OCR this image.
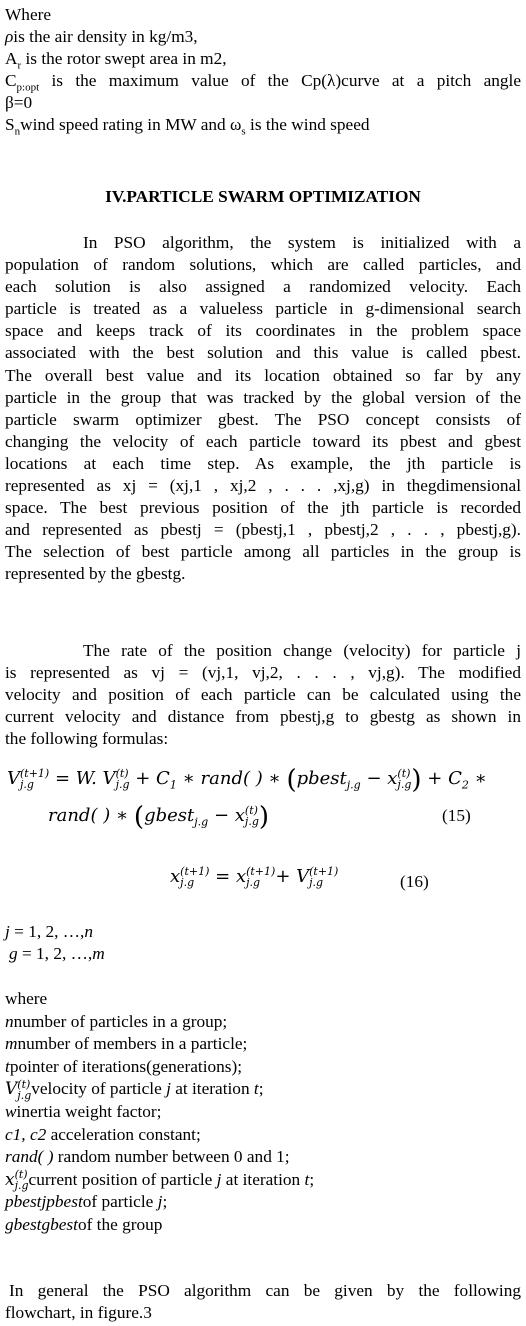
Where
ρis the air density in kg/m3,
$A_r$ is the rotor swept area in m2,
$C_{p:opt}$ is the maximum value of the Cp(λ)curve at a pitch angle
β=0
$S_nwind$ speed rating in MW and $\omega_s$ is the wind speed
IV.PARTICLE SWARM OPTIMIZATION
In PSO algorithm, the system is initialized with a
population of random solutions, which are called particles, and
each solution is also assigned a randomized velocity. Each
particle is treated as a valueless particle in g-dimensional search
space and keeps track of its coordinates in the problem space
associated with the best solution and this value is called pbest.
The overall best value and its location obtained so far by any
particle in the group that was tracked by the global version of the
particle swarm optimizer gbest. The PSO concept consists of
changing the velocity of each particle toward its pbest and gbest
locations at each time step. As example, the jth particle is
represented as xj = (xj,1 , xj,2 , . . . ,xj,g) in thegdimensional
space. The best previous position of the jth particle is recorded
and represented as pbestj = (pbestj,1 , pbestj,2 , . . , pbestj,g).
The selection of best particle among all particles in the group is
represented by the gbestg.
The rate of the position change (velocity) for particle j
is represented as vj = (vj,1, vj,2, . . . , vj,g). The modified
velocity and position of each particle can be calculated using the
current velocity and distance from pbestj,g to gbestg as shown in
the following formulas:
V (t+1)
j.g	= W. V (t)
$j.g + C_1$ ∗ rand( ) ∗ (pbest$_{j.g}$ − x (t)
j.g ) + $C_2$ ∗
rand( ) ∗ (gbest$_{j.g}$ − x (t)
j.g )	(15)
x (t+1)
j.g	= x (t+1)
j.g + V (t+1)
j.g	(16)
j = 1, 2, …,n
g = 1, 2, …,m
where
nnumber of particles in a group;
mnumber of members in a particle;
tpointer of iterations(generations);
V (t)
j.g velocity of particle j at iteration t;
winertia weight factor;
c1, c2 acceleration constant;
rand( ) random number between 0 and 1;
x (t)
j.g current position of particle j at iteration t;
pbestjpbestof particle j;
gbestgbestof the group
In general the PSO algorithm can be given by the following
flowchart, in figure.3
